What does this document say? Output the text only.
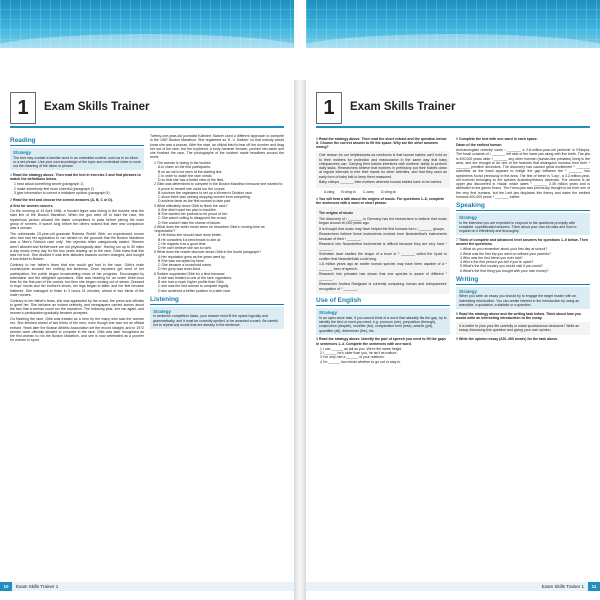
1	Exam Skills Trainer	1	Exam Skills Trainer
Reading
Strategy
The text may contain a familiar word in an unfamiliar context, such as in an idiom or a set phrase. Use your own knowledge of the topic and contextual clues to work out the meaning of the idiom or phrase.
1 Read the strategy above. Then read the text in exercise 2 and find phrases to match the definitions below.
1 hear about something secret (paragraph 1)
2 make somebody feel more cheerful (paragraph 2)
3 give information to correct a mistaken opinion (paragraph 5)
2 Read the text and choose the correct answers (A, B, C or D).
A first for women runners

On the morning of 19 April 1966, a hooded figure was hiding in the bushes near the start line of the Boston Marathon. When the gun went off to start the race, the mysterious person allowed the faster competitors to pass before joining the main group of runners. It wasn't long before the others noticed that their new companion was a woman.

The unfortunate 23-year-old graduate Roberta 'Bobbi' Gibb, an experienced runner who had had her application to run denied on the grounds that the Boston Marathon was a 'Men's Division race only'. Her rejection letter categorically stated: 'Women aren't allowed and furthermore are not physiologically able'. Having run up to 30 miles a day nearly every day for the two years leading up to the race, Gibb knew that this was not true. She decided it was time attitudes towards women changed, and bought a bus ticket to Boston.

Contrary to her father's fears that she would get hurt in the race, Gibb's male counterparts showed her nothing but kindness. Once reporters got wind of her participation, the public began broadcasting news of her progress. Encouraged by adrenaline and the delighted spectators, Gibb was heading for an under three-hour time for the first part of the course, but then she began running out of steam. Dressed in boys' shorts and her brother's shoes, her legs began to falter, and her feet became blistered. She managed to finish in 3 hours 21 minutes, ahead of two thirds of the male runners.

Contrary to her father's fears, she was applauded by the crowd, the press and officials to greet her. She became an instant celebrity, and newspapers carried stories about the fact that a woman could run the marathon. The following year, she ran again, and women's participation gradually became accepted.

On finishing the race, Gibb was treated as a hero by the many who saw the woman run. She finished ahead of two thirds of the men, even though she was not an official entrant. Years later the Boston Athletic Association set the record straight, and in 1972 women were officially allowed to compete in the race. Gibb was later recognised as the first woman to run the Boston Marathon, and she is now celebrated as a pioneer for women in sport.

Twenty-one-year-old journalist Kathrine Switzer used a different approach to compete in the 1967 Boston Marathon. She registered as 'K. V. Switzer' so that nobody would know she was a woman. After the start, an official tried to tear off her number and drag her out of the race, but her boyfriend, a burly hammer thrower, pushed him aside and she finished the race. The photographs of the incident made headlines around the world.

1 The woman is hiding in the bushes
A to cheer on the first participants.
B so as not to be seen at the starting line.
C in order to watch the race unfold.
D so that she has a better view of the field.
2 Gibb was determined to compete in the Boston Marathon because she wanted to
A prove to herself she could run the course.
B convince the organisers to set up a Women's Division race.
C show there was nothing stopping women from competing.
D achieve fame as the first woman to take part.
3 What ultimately drove Gibb to finish the race?
A She didn't want her plan to backfire.
B She wanted her parents to be proud of her.
C She wasn't willing to disappoint the crowd.
D She couldn't take the shame of failure.
4 What does the writer mean when he describes Gibb's running time as 'respectable'?
A He thinks she should have done better.
B He considers it a benchmark to aim at.
C He regards it as a good time.
D He can't believe she ran so well.
5 What does the reader discover about Gibb in the fourth paragraph?
A Her reputation grew as the years went by.
B She was corrupted by fame.
C She became a household name.
D Her glory was short-lived.
6 Switzer supplanted Gibb for a time because
A she was related to one of the race organisers.
B she had a much higher profile than Gibb.
C she was the first woman to compete legally.
D she achieved a better position in a later race.
Listening
Strategy
In sentence completion tasks, your answer must fit the space logically and grammatically, and it must be correctly spelled, to be awarded a mark. Be careful not to repeat any words that are already in the sentence.
3 Read the strategy above. Then read the short extract and the question below it. Choose the correct answer to fill the space. Why are the other answers wrong?

One reason for our helplessness as newborns is that human babies can't hold on to their mothers for protection and reassurance in the same way that baby chimpanzees can. Carrying their babies interferes with mothers' ability to perform daily tasks. Researchers believe that mothers in prehistory put their babies down at regular intervals to free their hands for other activities, and that they used an early form of baby talk to keep them reassured.

Baby chimps _______ their mothers whereas human babies have to be carried.

A cling B cling to C carry D cling at
4 You will hear a talk about the origins of music. For questions 1–8, complete the sentences with a word or short phrase.
The origins of music

The discovery of ¹ _______ in Germany has led researchers to believe that music began around 40,000 years ago.

It is thought that music may have helped the first humans form ² _______ groups.

Researchers believe these instruments evolved from Neanderthal's instruments because of their ³ _______.

Research into Neanderthal instruments is difficult because they are very hard ⁴ _______.

Scientists have studied the shape of a bone in ⁵ _______ called the hyoid to confirm that Neanderthals could sing.

1.8 million years ago an earlier human species may have been capable of a ⁶ _______ form of speech.

Research into primates has shown that one species is aware of different ⁷ _______.

Researcher Andrea Ravignani is currently comparing human and chimpanzees' recognition of ⁸ _______.

Use of English
Strategy
In an open-cloze task, if you cannot think of a word that naturally fits the gap, try to identify the kind of word you need, e.g. pronoun (me), preposition (through), conjunction (despite), modifier (far), comparative form (less), adverb (yet), quantifier (all), determiner (the), etc.
5 Read the strategy above. Identify the part of speech you need to fill the gaps in sentences 1–4. Complete the sentences with one word.
1 I can ______ as tall as you. We're the same height.
2 I ______ he's older than you, he isn't as mature.
3 I've only met a ______ of your relatives.
4 I'm ______ two minds whether to go out or stay in.
6 Complete the text with one word in each space.
Dawn of the earliest human

Archaeologists recently came ¹ _______ a 2.8-million-year-old jawbone in Ethiopia. The fossil consists of ² _______ left side of the lower jaw along with five teeth. The jaw is 400,000 years older ³ _______ any other hominin (human-like primates) living in the area, and are thought to be one of the features that distinguish humans from their ⁴ _______ primitive ancestors. The discovery has caused great excitement ⁵ _______ scientists as the fossil appears to bridge the gap between the ⁶ _______ two specimens found previously in the area. The first of these is 'Lucy', a 3.2-million-year-old hominin belonging to the species Australopithecus afarensis. The second is an upper jaw discovered in Hadar, which dates ⁷ _______ 2.35 million years and is attributed to the genus Homo. The Homo jaw was previously thought to be from one of the very first humans, but the Ledi jaw displaces this theory and dates the earliest humans 400,000 years ⁸ _______ earlier.

Speaking
Strategy
In the interview you are expected to respond to the questions promptly with complete, sophisticated answers. Think about your own bio data and how to expand on it effectively and thoroughly.
7 Think of complete and advanced level answers for questions 1–6 below. Then answer the questions.
1 What do you remember about your first day at school?
2 What was the first trip you went on without your parents?
3 Who was the first friend you ever had?
4 Who's the first person you tell if you're upset?
5 What's the first country you would visit if you could?
6 What's the first thing you bought with your own money?
Writing
Strategy
When you write an essay you should try to engage the target reader with an interesting introduction. You can create interest in the introduction by using an anecdote, a quotation, a statistic or a question.
8 Read the strategy above and the writing task below. Think about how you would write an interesting introduction to the essay.
It is better to plan your life carefully or make spontaneous decisions? Write an essay discussing this question and giving your own opinion.
9 Write the opinion essay (220–260 words) for the task above.
10	Exam Skills Trainer 1	Exam Skills Trainer 1	11
